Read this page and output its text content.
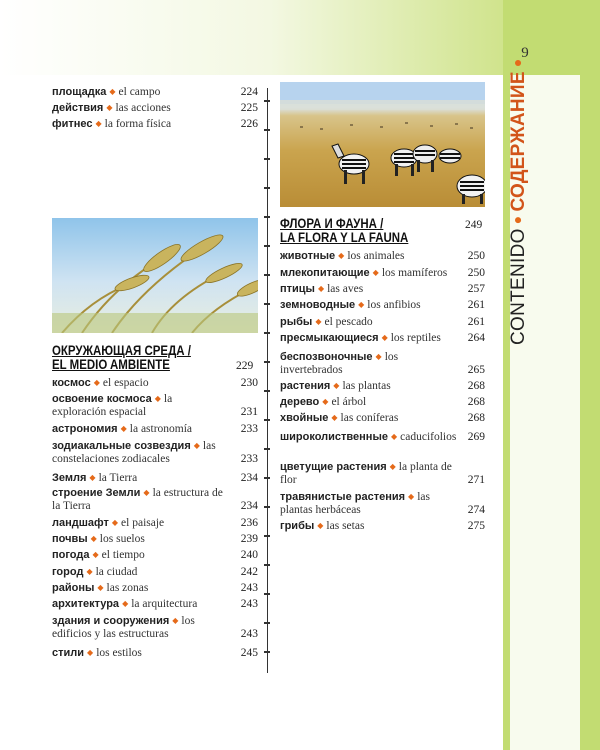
9
CONTENIDO●СОДЕРЖАНИЕ●
площадка ◆ el campo	224
действия ◆ las acciones	225
фитнес ◆ la forma física	226
ОКРУЖАЮЩАЯ СРЕДА /
EL MEDIO AMBIENTE	229
космос ◆ el espacio	230
освоение космоса ◆ la exploración espacial	231
астрономия ◆ la astronomía	233
зодиакальные созвездия ◆ las constelaciones zodiacales	233
Земля ◆ la Tierra	234
строение Земли ◆ la estructura de la Tierra	234
ландшафт ◆ el paisaje	236
почвы ◆ los suelos	239
погода ◆ el tiempo	240
город ◆ la ciudad	242
районы ◆ las zonas	243
архитектура ◆ la arquitectura	243
здания и сооружения ◆ los edificios y las estructuras	243
стили ◆ los estilos	245
ФЛОРА И ФАУНА /
LA FLORA Y LA FAUNA
249
животные ◆ los animales	250
млекопитающие ◆ los mamíferos	250
птицы ◆ las aves	257
земноводные ◆ los anfibios	261
рыбы ◆ el pescado	261
пресмыкающиеся ◆ los reptiles	264
беспозвоночные ◆ los invertebrados	265
растения ◆ las plantas	268
дерево ◆ el árbol	268
хвойные ◆ las coníferas	268
широколиственные ◆ caducifolios 269
цветущие растения ◆ la planta de flor	271
травянистые растения ◆ las plantas herbáceas	274
грибы ◆ las setas	275
